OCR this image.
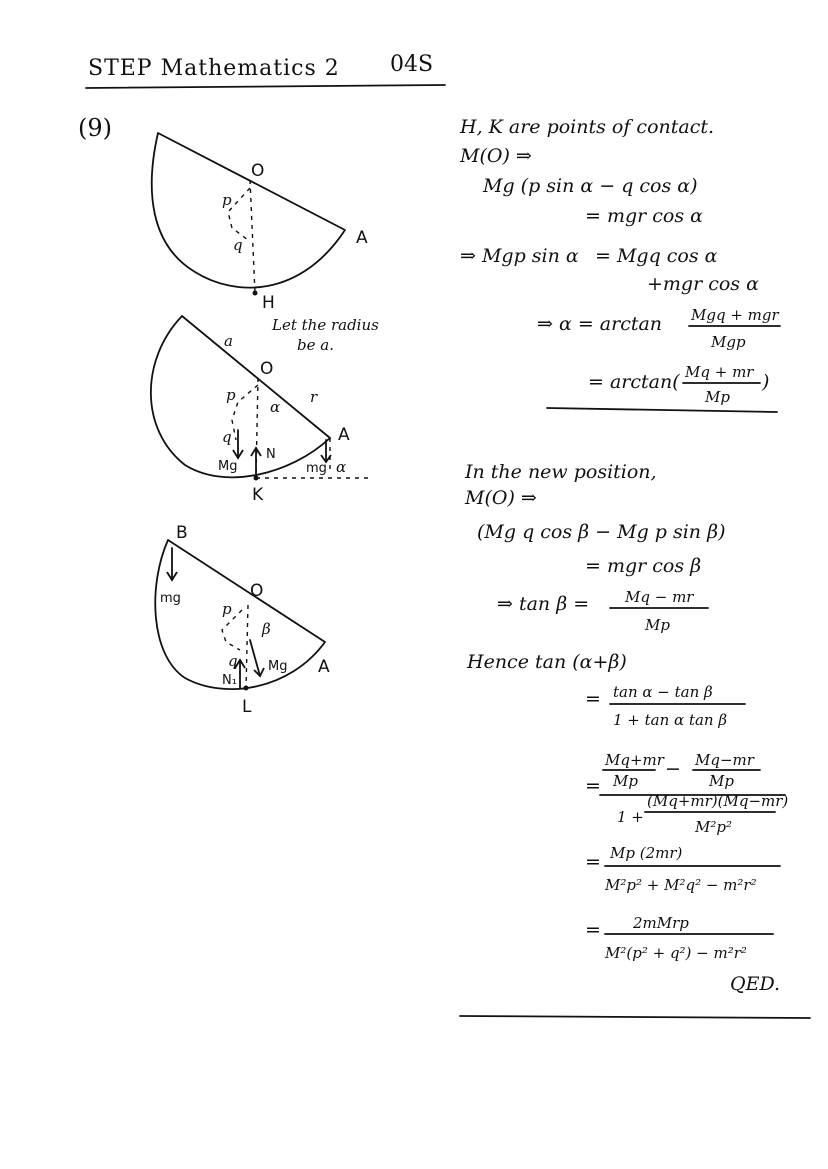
STEP Mathematics 2 04S
(9)
O
A
H
p
q
Let the radius
be a.
a
O
r
A
p
q
α
N
Mg	mg α
K
B
mg	O
p
q
β
Mg
N₁
A
L
H, K are points of contact.
M(O) ⇒
Mg (p sin α − q cos α)
= mgr cos α
⇒ Mgp sin α = Mgq cos α
+mgr cos α
⇒ α = arctan Mgq + mgr
Mgp
= arctan( Mq + mr
Mp
)
In the new position,
M(O) ⇒
(Mg q cos β − Mg p sin β)
= mgr cos β
⇒ tan β = Mq − mr
Mp
Hence tan (α+β)
= tan α − tan β
1 + tan α tan β
=
Mq+mr
Mp
− Mq−mr
Mp
1 +
(Mq+mr)(Mq−mr)
M²p²
= Mp (2mr)
M²p² + M²q² − m²r²
= 2mMrp
M²(p² + q²) − m²r²
QED.
